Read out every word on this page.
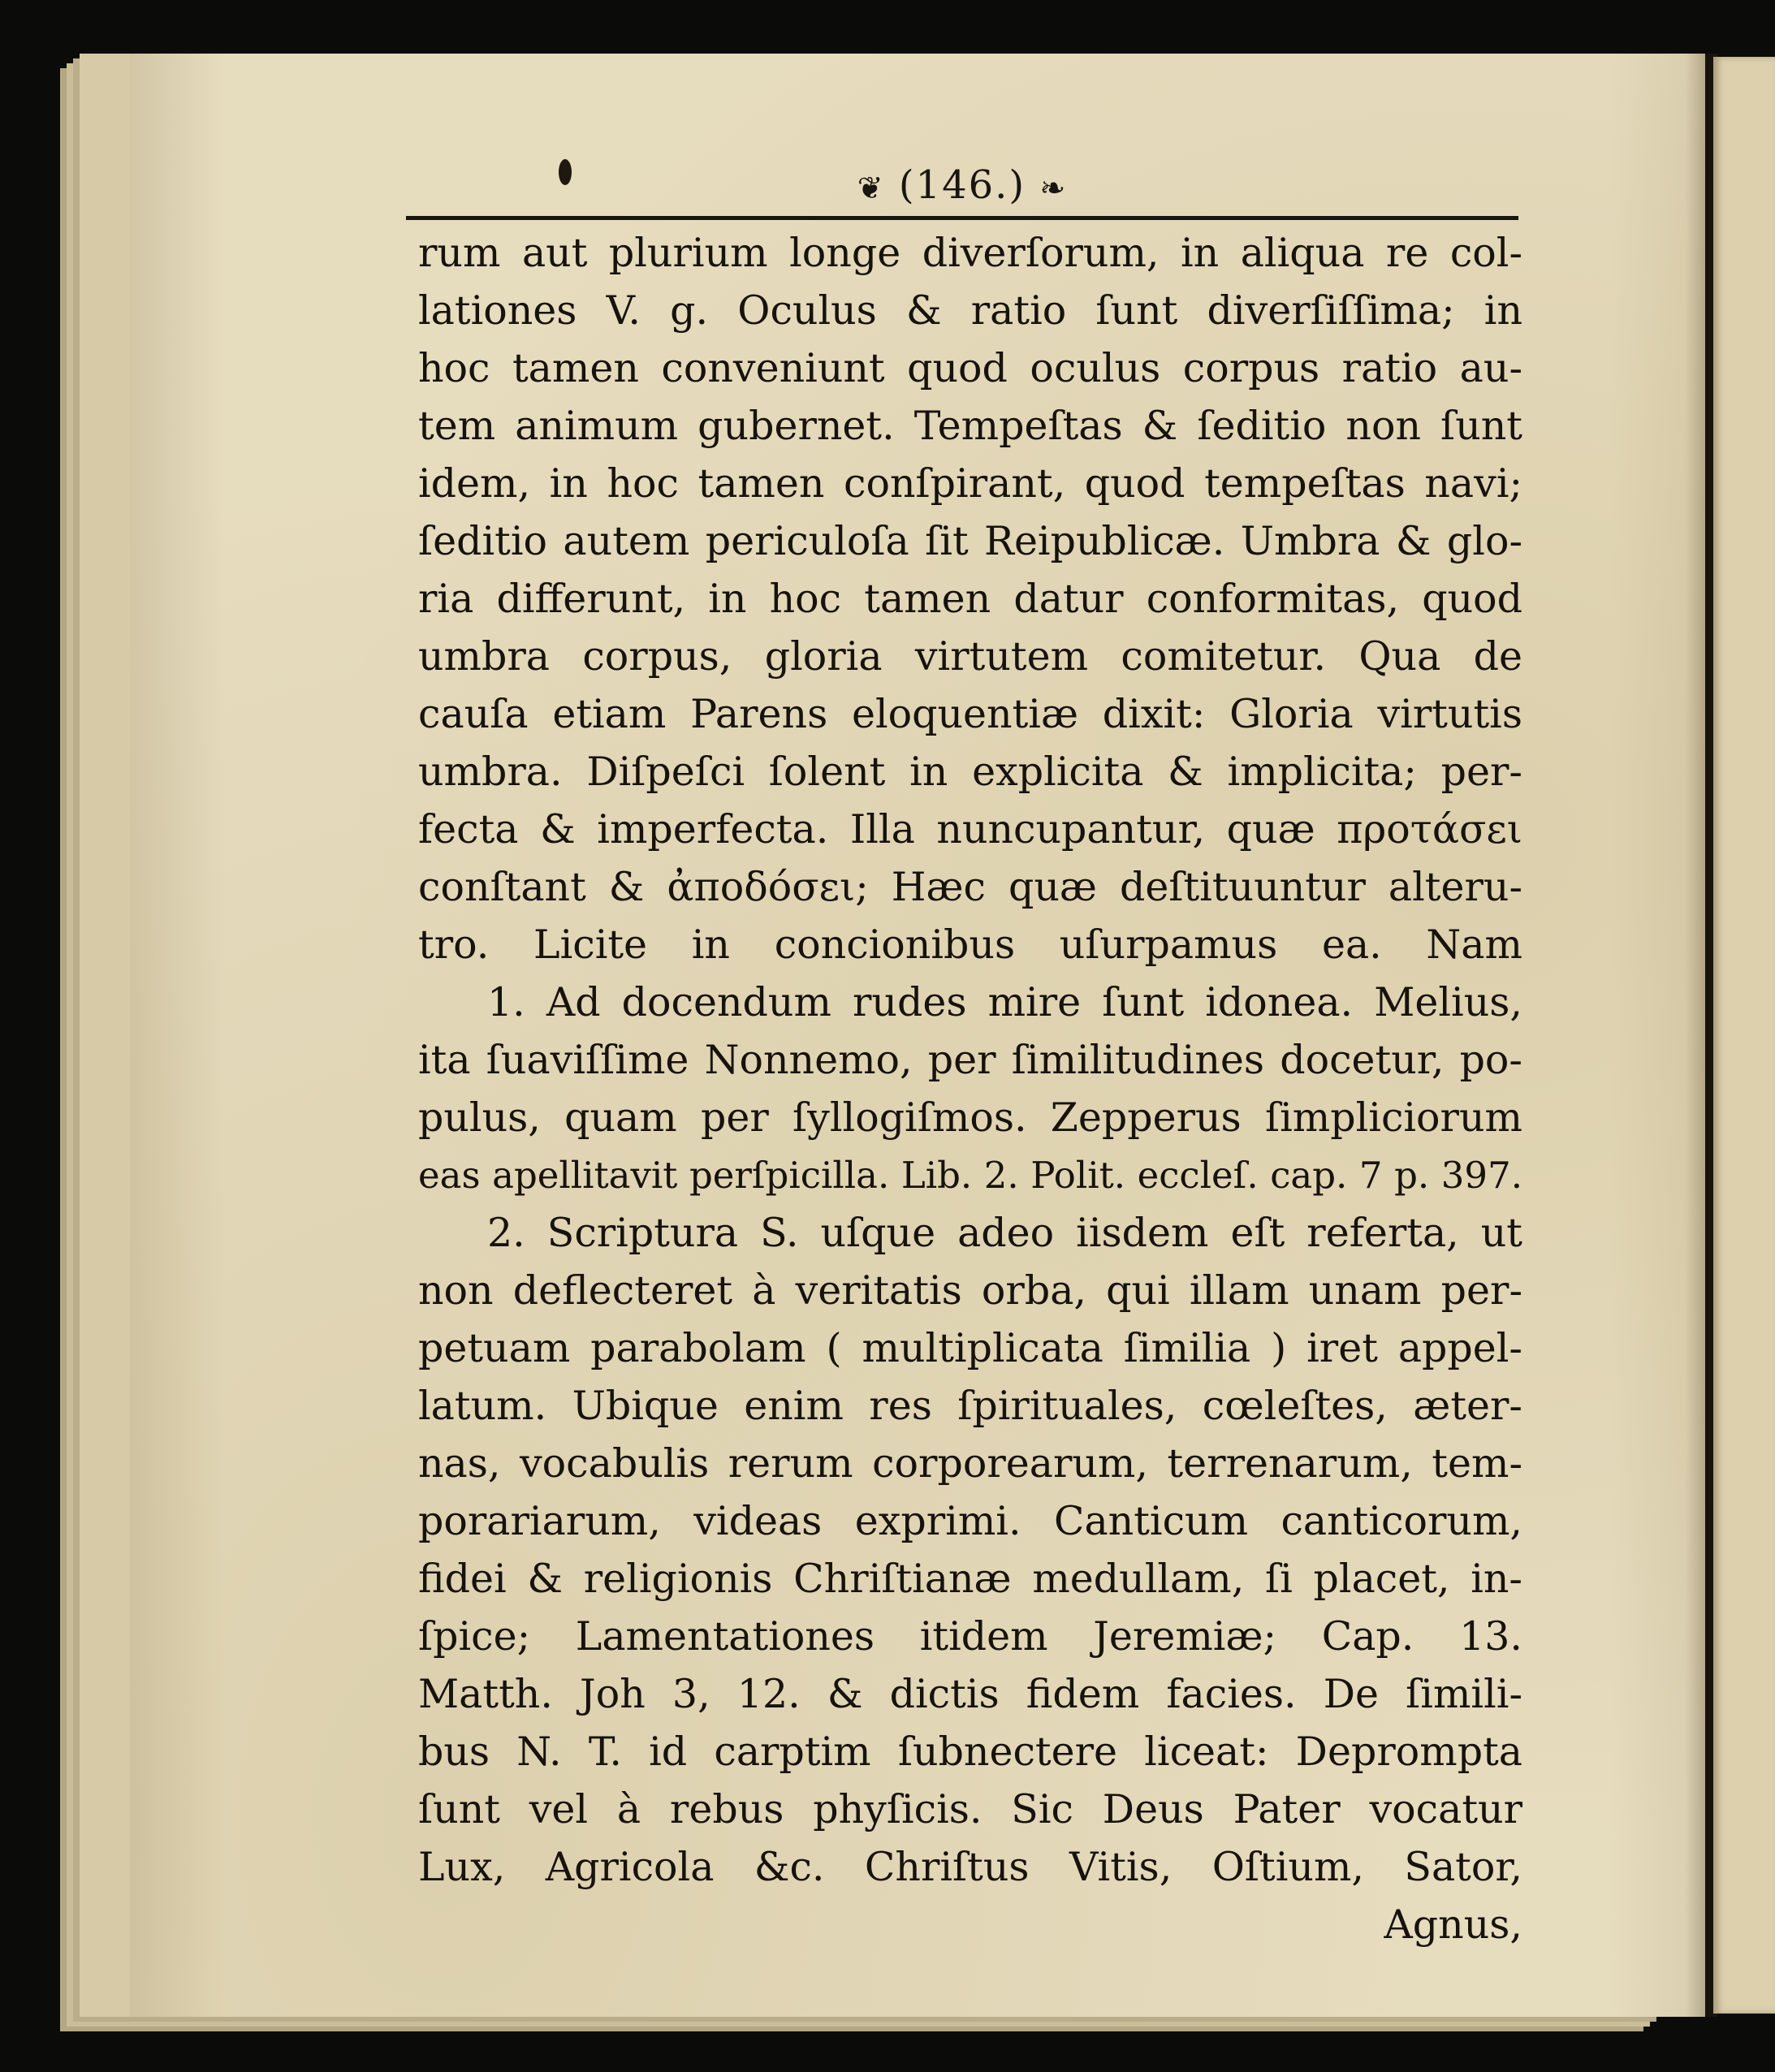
❦ (146.) ❧
rum aut plurium longe diverſorum, in aliqua re col-
lationes V. g. Oculus & ratio ſunt diverſiſſima; in
hoc tamen conveniunt quod oculus corpus ratio au-
tem animum gubernet. Tempeſtas & ſeditio non ſunt
idem, in hoc tamen conſpirant, quod tempeſtas navi;
ſeditio autem periculoſa ſit Reipublicæ. Umbra & glo-
ria differunt, in hoc tamen datur conformitas, quod
umbra corpus, gloria virtutem comitetur. Qua de
cauſa etiam Parens eloquentiæ dixit: Gloria virtutis
umbra. Diſpeſci ſolent in explicita & implicita; per-
fecta & imperfecta. Illa nuncupantur, quæ προτάσει
conſtant & ἀποδόσει; Hæc quæ deſtituuntur alteru-
tro. Licite in concionibus uſurpamus ea. Nam
1. Ad docendum rudes mire ſunt idonea. Melius,
ita ſuaviſſime Nonnemo, per ſimilitudines docetur, po-
pulus, quam per ſyllogiſmos. Zepperus ſimpliciorum
eas apellitavit perſpicilla. Lib. 2. Polit. eccleſ. cap. 7 p. 397.
2. Scriptura S. uſque adeo iisdem eſt referta, ut
non deflecteret à veritatis orba, qui illam unam per-
petuam parabolam ( multiplicata ſimilia ) iret appel-
latum. Ubique enim res ſpirituales, cœleſtes, æter-
nas, vocabulis rerum corporearum, terrenarum, tem-
porariarum, videas exprimi. Canticum canticorum,
fidei & religionis Chriſtianæ medullam, ſi placet, in-
ſpice; Lamentationes itidem Jeremiæ; Cap. 13.
Matth. Joh 3, 12. & dictis fidem facies. De ſimili-
bus N. T. id carptim ſubnectere liceat: Deprompta
ſunt vel à rebus phyſicis. Sic Deus Pater vocatur
Lux, Agricola &c. Chriſtus Vitis, Oſtium, Sator,
Agnus,
